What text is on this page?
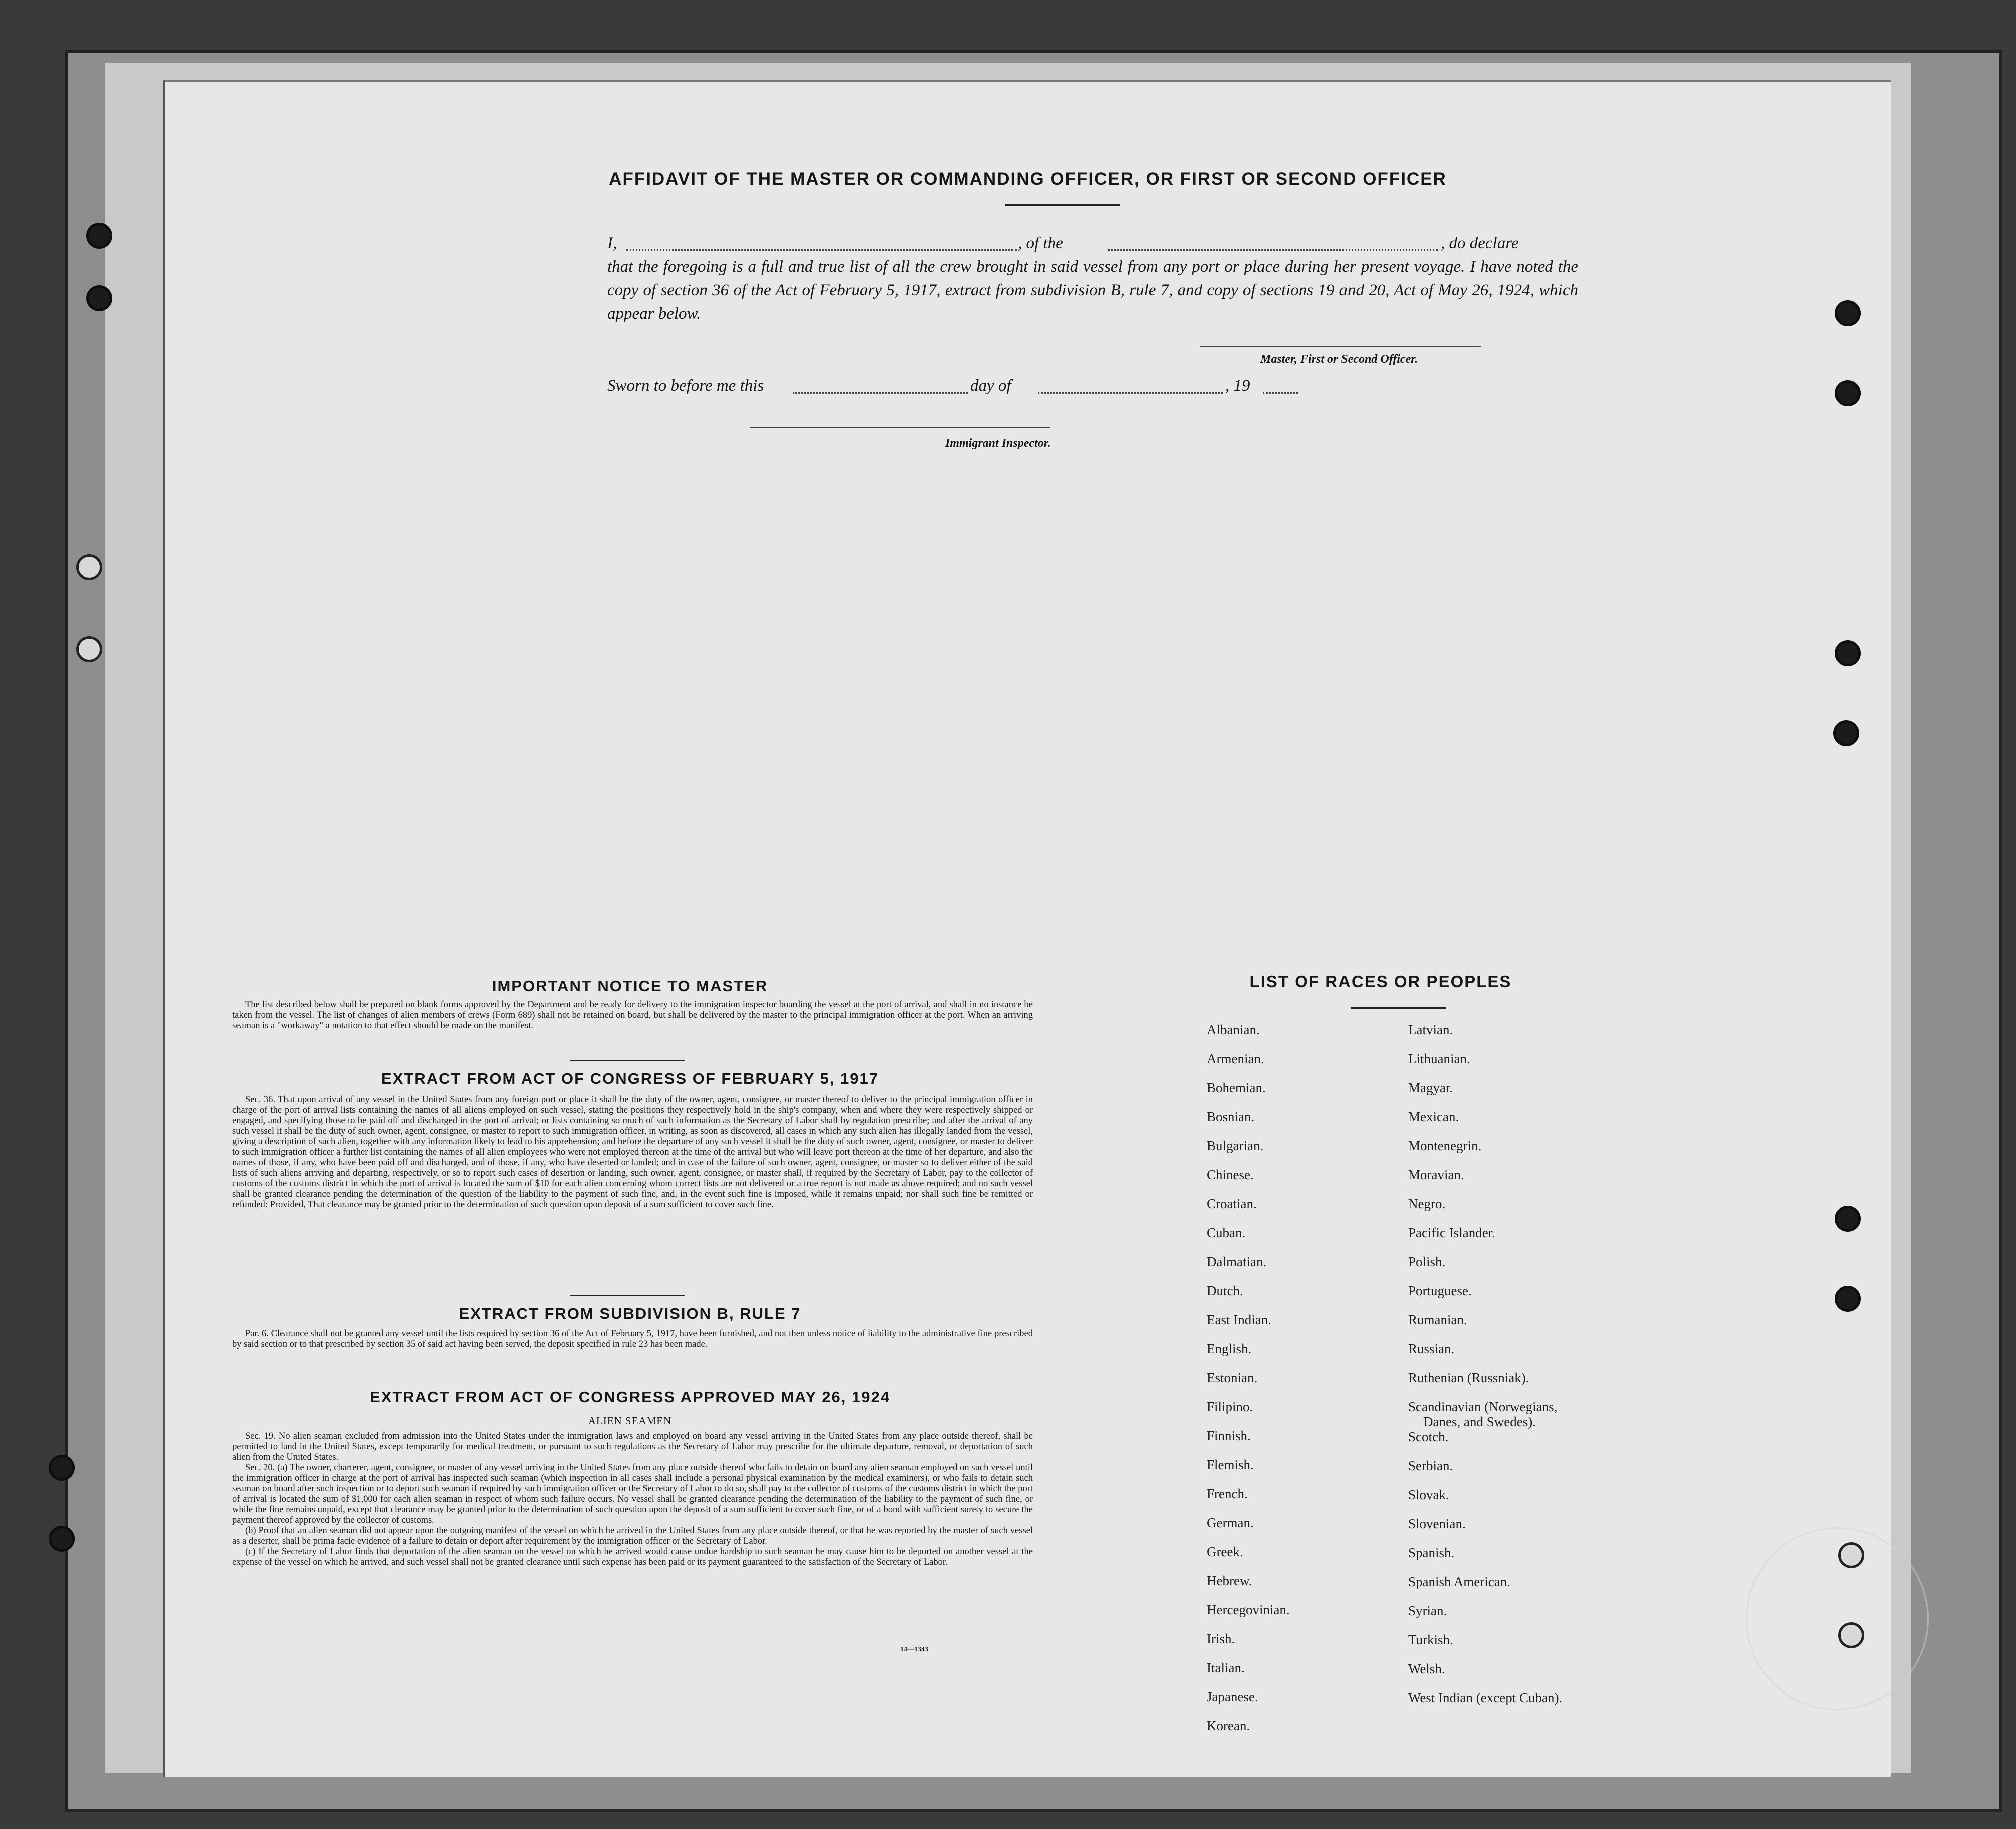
AFFIDAVIT OF THE MASTER OR COMMANDING OFFICER, OR FIRST OR SECOND OFFICER
I,	, of the	, do declare
that the foregoing is a full and true list of all the crew brought in said vessel from any port or place during her present voyage. I have noted the copy of section 36 of the Act of February 5, 1917, extract from subdivision B, rule 7, and copy of sections 19 and 20, Act of May 26, 1924, which appear below.
Master, First or Second Officer.
Sworn to before me this	day of	, 19
Immigrant Inspector.
IMPORTANT NOTICE TO MASTER

The list described below shall be prepared on blank forms approved by the Department and be ready for delivery to the immigration inspector boarding the vessel at the port of arrival, and shall in no instance be taken from the vessel. The list of changes of alien members of crews (Form 689) shall not be retained on board, but shall be delivered by the master to the principal immigration officer at the port. When an arriving seaman is a "workaway" a notation to that effect should be made on the manifest.

EXTRACT FROM ACT OF CONGRESS OF FEBRUARY 5, 1917

Sec. 36. That upon arrival of any vessel in the United States from any foreign port or place it shall be the duty of the owner, agent, consignee, or master thereof to deliver to the principal immigration officer in charge of the port of arrival lists containing the names of all aliens employed on such vessel, stating the positions they respectively hold in the ship's company, when and where they were respectively shipped or engaged, and specifying those to be paid off and discharged in the port of arrival; or lists containing so much of such information as the Secretary of Labor shall by regulation prescribe; and after the arrival of any such vessel it shall be the duty of such owner, agent, consignee, or master to report to such immigration officer, in writing, as soon as discovered, all cases in which any such alien has illegally landed from the vessel, giving a description of such alien, together with any information likely to lead to his apprehension; and before the departure of any such vessel it shall be the duty of such owner, agent, consignee, or master to deliver to such immigration officer a further list containing the names of all alien employees who were not employed thereon at the time of the arrival but who will leave port thereon at the time of her departure, and also the names of those, if any, who have been paid off and discharged, and of those, if any, who have deserted or landed; and in case of the failure of such owner, agent, consignee, or master so to deliver either of the said lists of such aliens arriving and departing, respectively, or so to report such cases of desertion or landing, such owner, agent, consignee, or master shall, if required by the Secretary of Labor, pay to the collector of customs of the customs district in which the port of arrival is located the sum of $10 for each alien concerning whom correct lists are not delivered or a true report is not made as above required; and no such vessel shall be granted clearance pending the determination of the question of the liability to the payment of such fine, and, in the event such fine is imposed, while it remains unpaid; nor shall such fine be remitted or refunded: Provided, That clearance may be granted prior to the determination of such question upon deposit of a sum sufficient to cover such fine.

EXTRACT FROM SUBDIVISION B, RULE 7

Par. 6. Clearance shall not be granted any vessel until the lists required by section 36 of the Act of February 5, 1917, have been furnished, and not then unless notice of liability to the administrative fine prescribed by said section or to that prescribed by section 35 of said act having been served, the deposit specified in rule 23 has been made.

EXTRACT FROM ACT OF CONGRESS APPROVED MAY 26, 1924
ALIEN SEAMEN

Sec. 19. No alien seaman excluded from admission into the United States under the immigration laws and employed on board any vessel arriving in the United States from any place outside thereof, shall be permitted to land in the United States, except temporarily for medical treatment, or pursuant to such regulations as the Secretary of Labor may prescribe for the ultimate departure, removal, or deportation of such alien from the United States.

Sec. 20. (a) The owner, charterer, agent, consignee, or master of any vessel arriving in the United States from any place outside thereof who fails to detain on board any alien seaman employed on such vessel until the immigration officer in charge at the port of arrival has inspected such seaman (which inspection in all cases shall include a personal physical examination by the medical examiners), or who fails to detain such seaman on board after such inspection or to deport such seaman if required by such immigration officer or the Secretary of Labor to do so, shall pay to the collector of customs of the customs district in which the port of arrival is located the sum of $1,000 for each alien seaman in respect of whom such failure occurs. No vessel shall be granted clearance pending the determination of the liability to the payment of such fine, or while the fine remains unpaid, except that clearance may be granted prior to the determination of such question upon the deposit of a sum sufficient to cover such fine, or of a bond with sufficient surety to secure the payment thereof approved by the collector of customs.

(b) Proof that an alien seaman did not appear upon the outgoing manifest of the vessel on which he arrived in the United States from any place outside thereof, or that he was reported by the master of such vessel as a deserter, shall be prima facie evidence of a failure to detain or deport after requirement by the immigration officer or the Secretary of Labor.

(c) If the Secretary of Labor finds that deportation of the alien seaman on the vessel on which he arrived would cause undue hardship to such seaman he may cause him to be deported on another vessel at the expense of the vessel on which he arrived, and such vessel shall not be granted clearance until such expense has been paid or its payment guaranteed to the satisfaction of the Secretary of Labor.

14—1343
LIST OF RACES OR PEOPLES
Albanian.
Armenian.
Bohemian.
Bosnian.
Bulgarian.
Chinese.
Croatian.
Cuban.
Dalmatian.
Dutch.
East Indian.
English.
Estonian.
Filipino.
Finnish.
Flemish.
French.
German.
Greek.
Hebrew.
Hercegovinian.
Irish.
Italian.
Japanese.
Korean.
Latvian.
Lithuanian.
Magyar.
Mexican.
Montenegrin.
Moravian.
Negro.
Pacific Islander.
Polish.
Portuguese.
Rumanian.
Russian.
Ruthenian (Russniak).
Scandinavian (Norwegians,
Danes, and Swedes).
Scotch.
Serbian.
Slovak.
Slovenian.
Spanish.
Spanish American.
Syrian.
Turkish.
Welsh.
West Indian (except Cuban).
